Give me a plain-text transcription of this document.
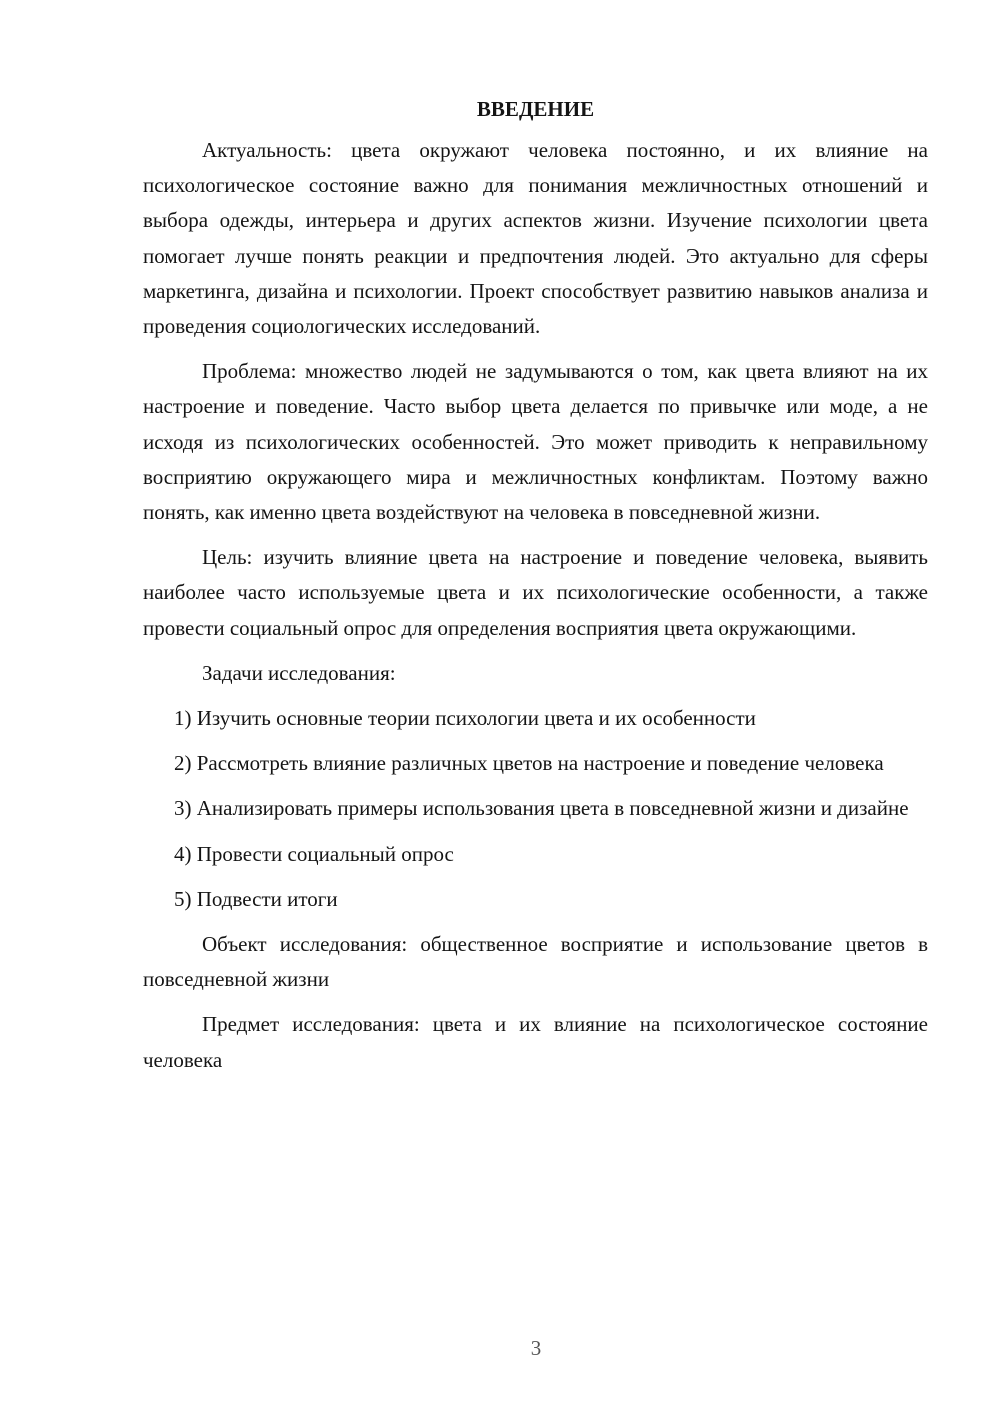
ВВЕДЕНИЕ

Актуальность: цвета окружают человека постоянно, и их влияние на психологическое состояние важно для понимания межличностных отношений и выбора одежды, интерьера и других аспектов жизни. Изучение психологии цвета помогает лучше понять реакции и предпочтения людей. Это актуально для сферы маркетинга, дизайна и психологии. Проект способствует развитию навыков анализа и проведения социологических исследований.

Проблема: множество людей не задумываются о том, как цвета влияют на их настроение и поведение. Часто выбор цвета делается по привычке или моде, а не исходя из психологических особенностей. Это может приводить к неправильному восприятию окружающего мира и межличностных конфликтам. Поэтому важно понять, как именно цвета воздействуют на человека в повседневной жизни.

Цель: изучить влияние цвета на настроение и поведение человека, выявить наиболее часто используемые цвета и их психологические особенности, а также провести социальный опрос для определения восприятия цвета окружающими.

Задачи исследования:

1) Изучить основные теории психологии цвета и их особенности

2) Рассмотреть влияние различных цветов на настроение и поведение человека

3) Анализировать примеры использования цвета в повседневной жизни и дизайне

4) Провести социальный опрос

5) Подвести итоги

Объект исследования: общественное восприятие и использование цветов в повседневной жизни

Предмет исследования: цвета и их влияние на психологическое состояние человека

3
